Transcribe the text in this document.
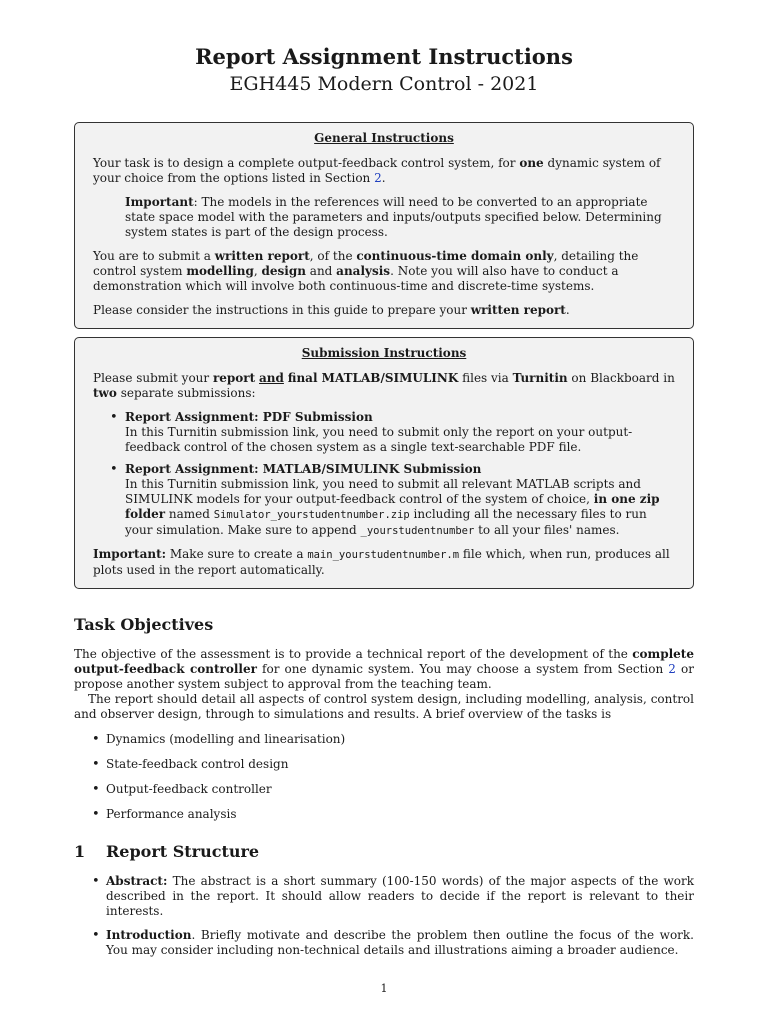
Report Assignment Instructions
EGH445 Modern Control - 2021
General Instructions

Your task is to design a complete output-feedback control system, for one dynamic system of your choice from the options listed in Section 2.

Important: The models in the references will need to be converted to an appropriate state space model with the parameters and inputs/outputs specified below. Determining system states is part of the design process.

You are to submit a written report, of the continuous-time domain only, detailing the control system modelling, design and analysis. Note you will also have to conduct a demonstration which will involve both continuous-time and discrete-time systems.

Please consider the instructions in this guide to prepare your written report.

Submission Instructions

Please submit your report and final MATLAB/SIMULINK files via Turnitin on Blackboard in two separate submissions:

• Report Assignment: PDF Submission
In this Turnitin submission link, you need to submit only the report on your output-feedback control of the chosen system as a single text-searchable PDF file.
• Report Assignment: MATLAB/SIMULINK Submission
In this Turnitin submission link, you need to submit all relevant MATLAB scripts and SIMULINK models for your output-feedback control of the system of choice, in one zip folder named Simulator_yourstudentnumber.zip including all the necessary files to run your simulation. Make sure to append _yourstudentnumber to all your files' names.

Important: Make sure to create a main_yourstudentnumber.m file which, when run, produces all plots used in the report automatically.

Task Objectives

The objective of the assessment is to provide a technical report of the development of the complete output-feedback controller for one dynamic system. You may choose a system from Section 2 or propose another system subject to approval from the teaching team.

The report should detail all aspects of control system design, including modelling, analysis, control and observer design, through to simulations and results. A brief overview of the tasks is

• Dynamics (modelling and linearisation)
• State-feedback control design
• Output-feedback controller
• Performance analysis
1 Report Structure
• Abstract: The abstract is a short summary (100-150 words) of the major aspects of the work described in the report. It should allow readers to decide if the report is relevant to their interests.
• Introduction. Briefly motivate and describe the problem then outline the focus of the work. You may consider including non-technical details and illustrations aiming a broader audience.
1
